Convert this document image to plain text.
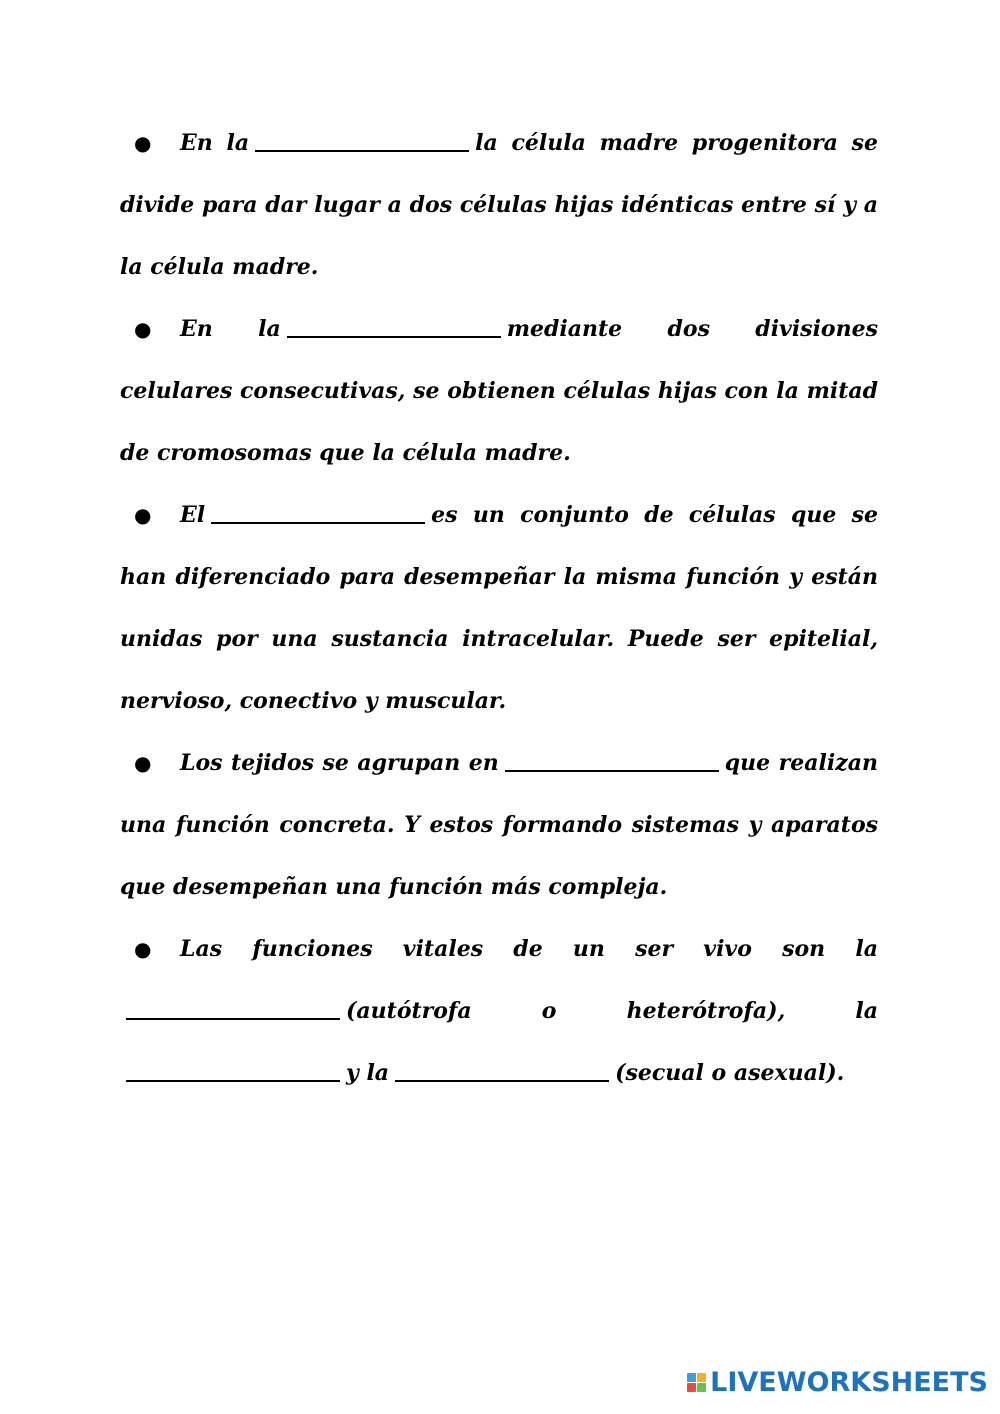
● En la	la célula madre progenitora se divide para dar lugar a dos células hijas idénticas entre sí y a la célula madre.

● En la	mediante dos divisiones celulares consecutivas, se obtienen células hijas con la mitad de cromosomas que la célula madre.

● El	es un conjunto de células que se han diferenciado para desempeñar la misma función y están unidas por una sustancia intracelular. Puede ser epitelial, nervioso, conectivo y muscular.

● Los tejidos se agrupan en	que realizan una función concreta. Y estos formando sistemas y aparatos que desempeñan una función más compleja.

● Las funciones vitales de un ser vivo son la(autótrofa o heterótrofa), lay la	(secual o asexual).

LIVEWORKSHEETS
